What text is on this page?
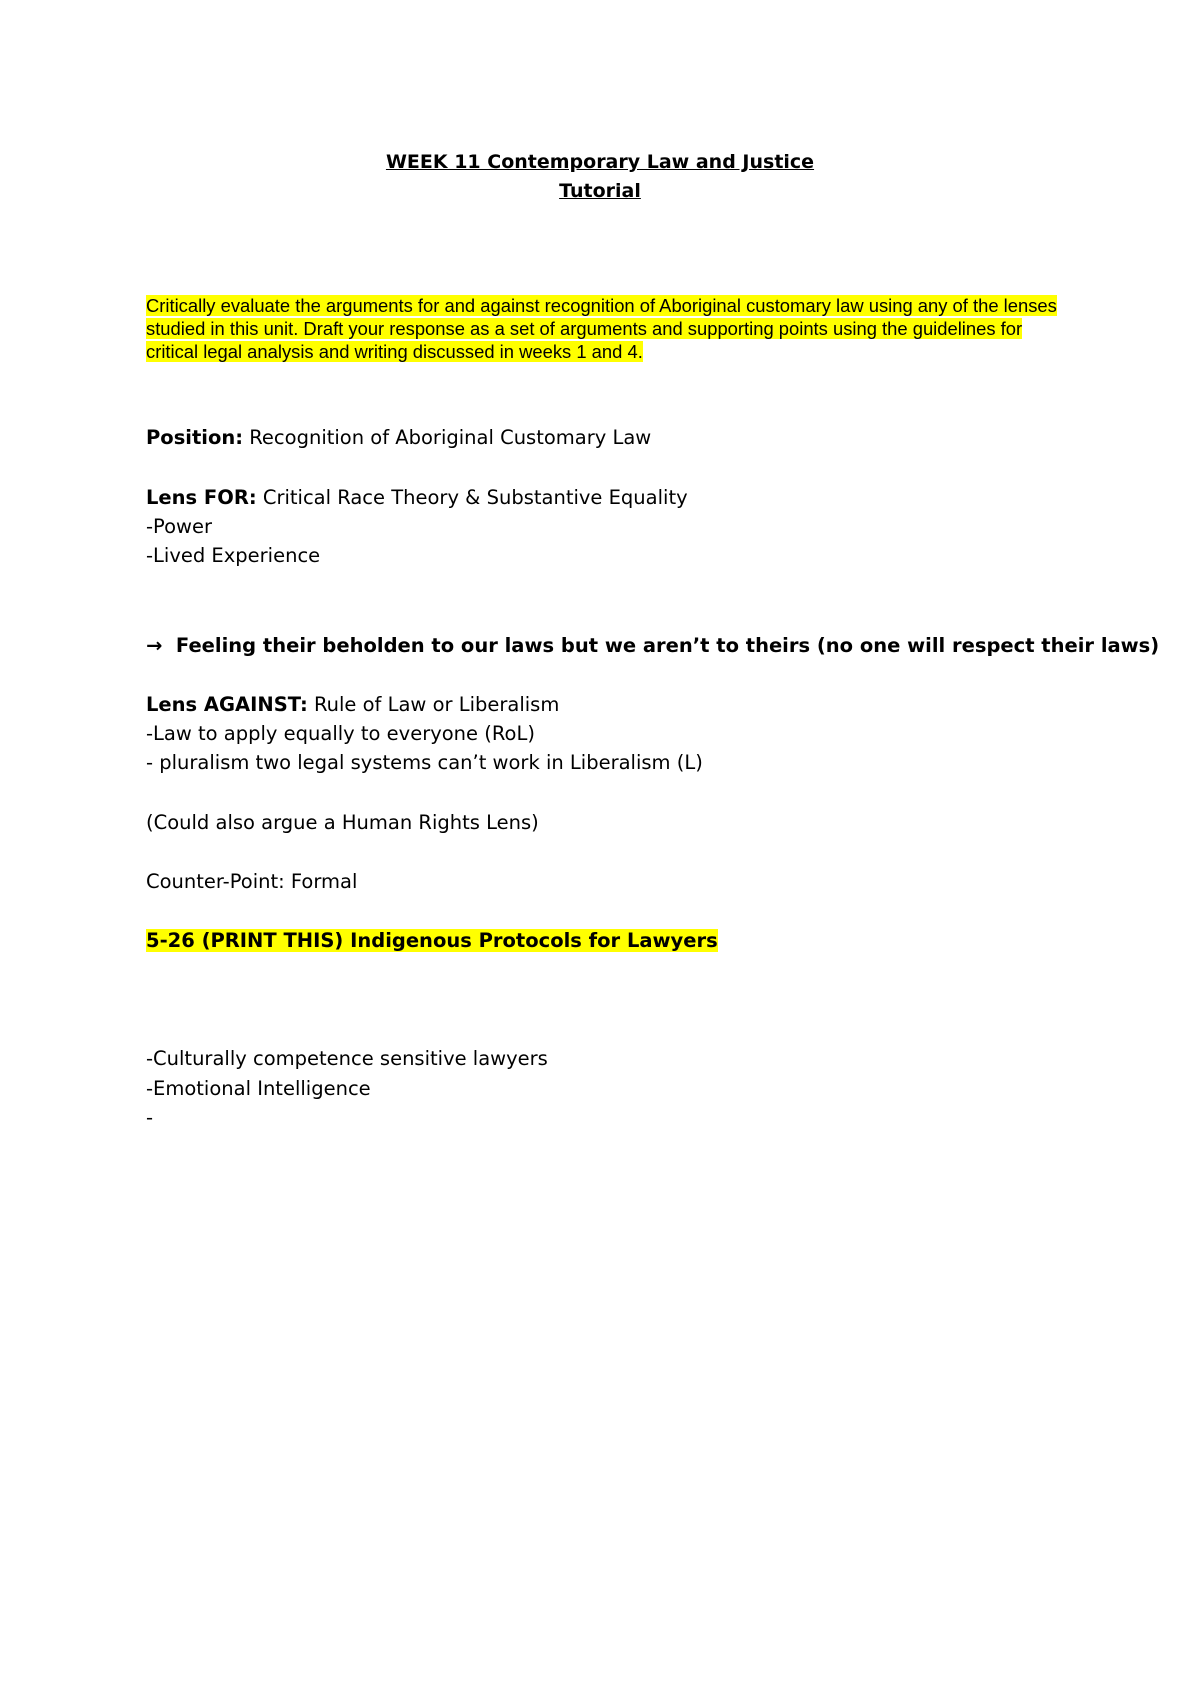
WEEK 11 Contemporary Law and Justice
Tutorial
Critically evaluate the arguments for and against recognition of Aboriginal customary law using any of the lenses studied in this unit. Draft your response as a set of arguments and supporting points using the guidelines for critical legal analysis and writing discussed in weeks 1 and 4.
Position: Recognition of Aboriginal Customary Law
Lens FOR: Critical Race Theory & Substantive Equality
-Power
-Lived Experience
→  Feeling their beholden to our laws but we aren’t to theirs (no one will respect their laws)
Lens AGAINST: Rule of Law or Liberalism
-Law to apply equally to everyone (RoL)
- pluralism two legal systems can’t work in Liberalism (L)
(Could also argue a Human Rights Lens)
Counter-Point: Formal
5-26 (PRINT THIS) Indigenous Protocols for Lawyers
-Culturally competence sensitive lawyers
-Emotional Intelligence
-
